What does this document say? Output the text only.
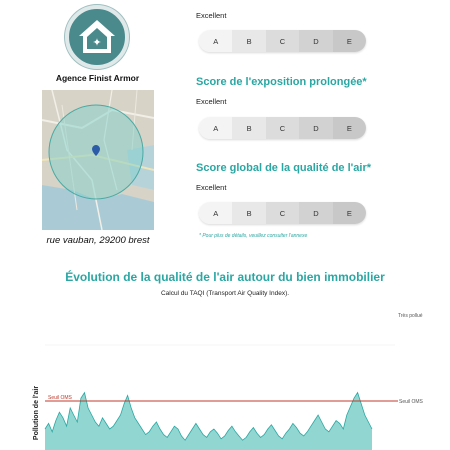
✦
Agence Finist Armor
rue vauban, 29200 brest
Excellent
A	B	C	D	E
Score de l'exposition prolongée*
Excellent
A	B	C	D	E
Score global de la qualité de l'air*
Excellent
A	B	C	D	E
* Pour plus de détails, veuillez consulter l'annexe
Évolution de la qualité de l'air autour du bien immobilier
Calcul du TAQI (Transport Air Quality Index).
Très pollué
Pollution de l'air Seuil OMS
Seuil OMS
